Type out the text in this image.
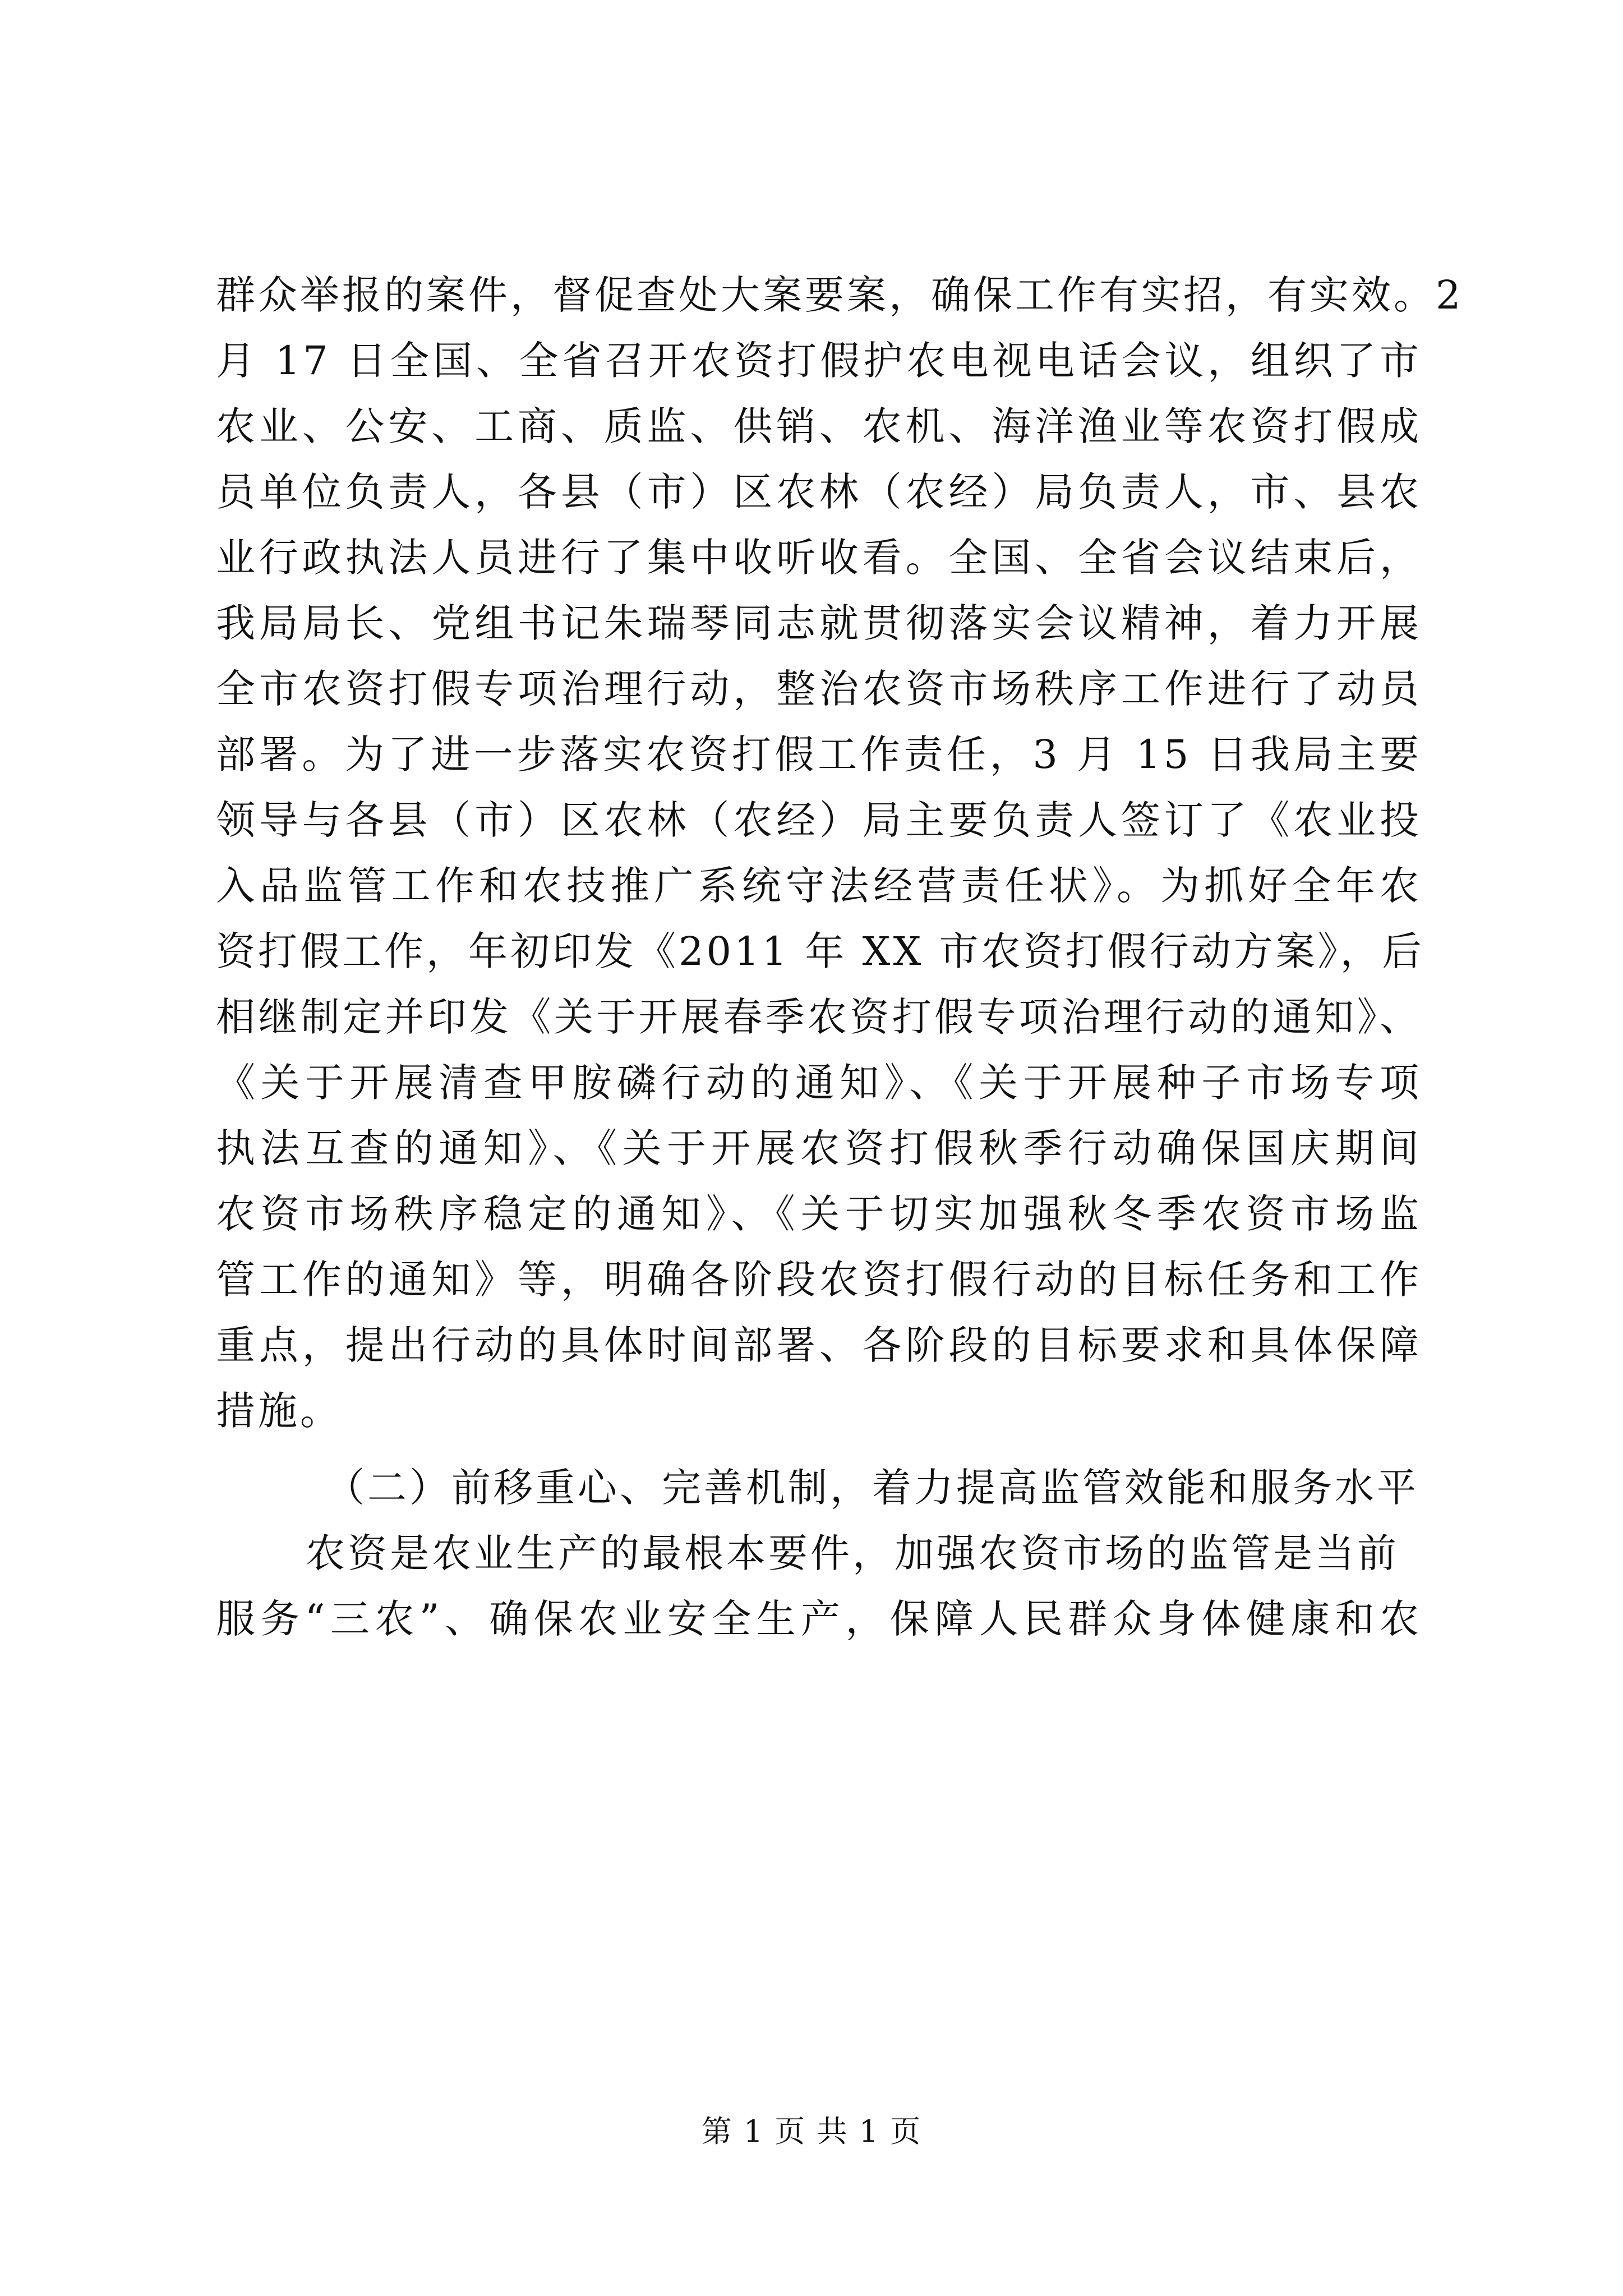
群众举报的案件，督促查处大案要案，确保工作有实招，有实效。2
月 17 日全国、全省召开农资打假护农电视电话会议，组织了市
农业、公安、工商、质监、供销、农机、海洋渔业等农资打假成
员单位负责人，各县（市）区农林（农经）局负责人，市、县农
业行政执法人员进行了集中收听收看。全国、全省会议结束后，
我局局长、党组书记朱瑞琴同志就贯彻落实会议精神，着力开展
全市农资打假专项治理行动，整治农资市场秩序工作进行了动员
部署。为了进一步落实农资打假工作责任，3 月 15 日我局主要
领导与各县（市）区农林（农经）局主要负责人签订了《农业投
入品监管工作和农技推广系统守法经营责任状》。为抓好全年农
资打假工作，年初印发《2011 年 XX 市农资打假行动方案》，后
相继制定并印发《关于开展春季农资打假专项治理行动的通知》、
《关于开展清查甲胺磷行动的通知》、《关于开展种子市场专项
执法互查的通知》、《关于开展农资打假秋季行动确保国庆期间
农资市场秩序稳定的通知》、《关于切实加强秋冬季农资市场监
管工作的通知》等，明确各阶段农资打假行动的目标任务和工作
重点，提出行动的具体时间部署、各阶段的目标要求和具体保障
措施。
（二）前移重心、完善机制，着力提高监管效能和服务水平
农资是农业生产的最根本要件，加强农资市场的监管是当前
服务“三农”、确保农业安全生产，保障人民群众身体健康和农
第 1 页 共 1 页
